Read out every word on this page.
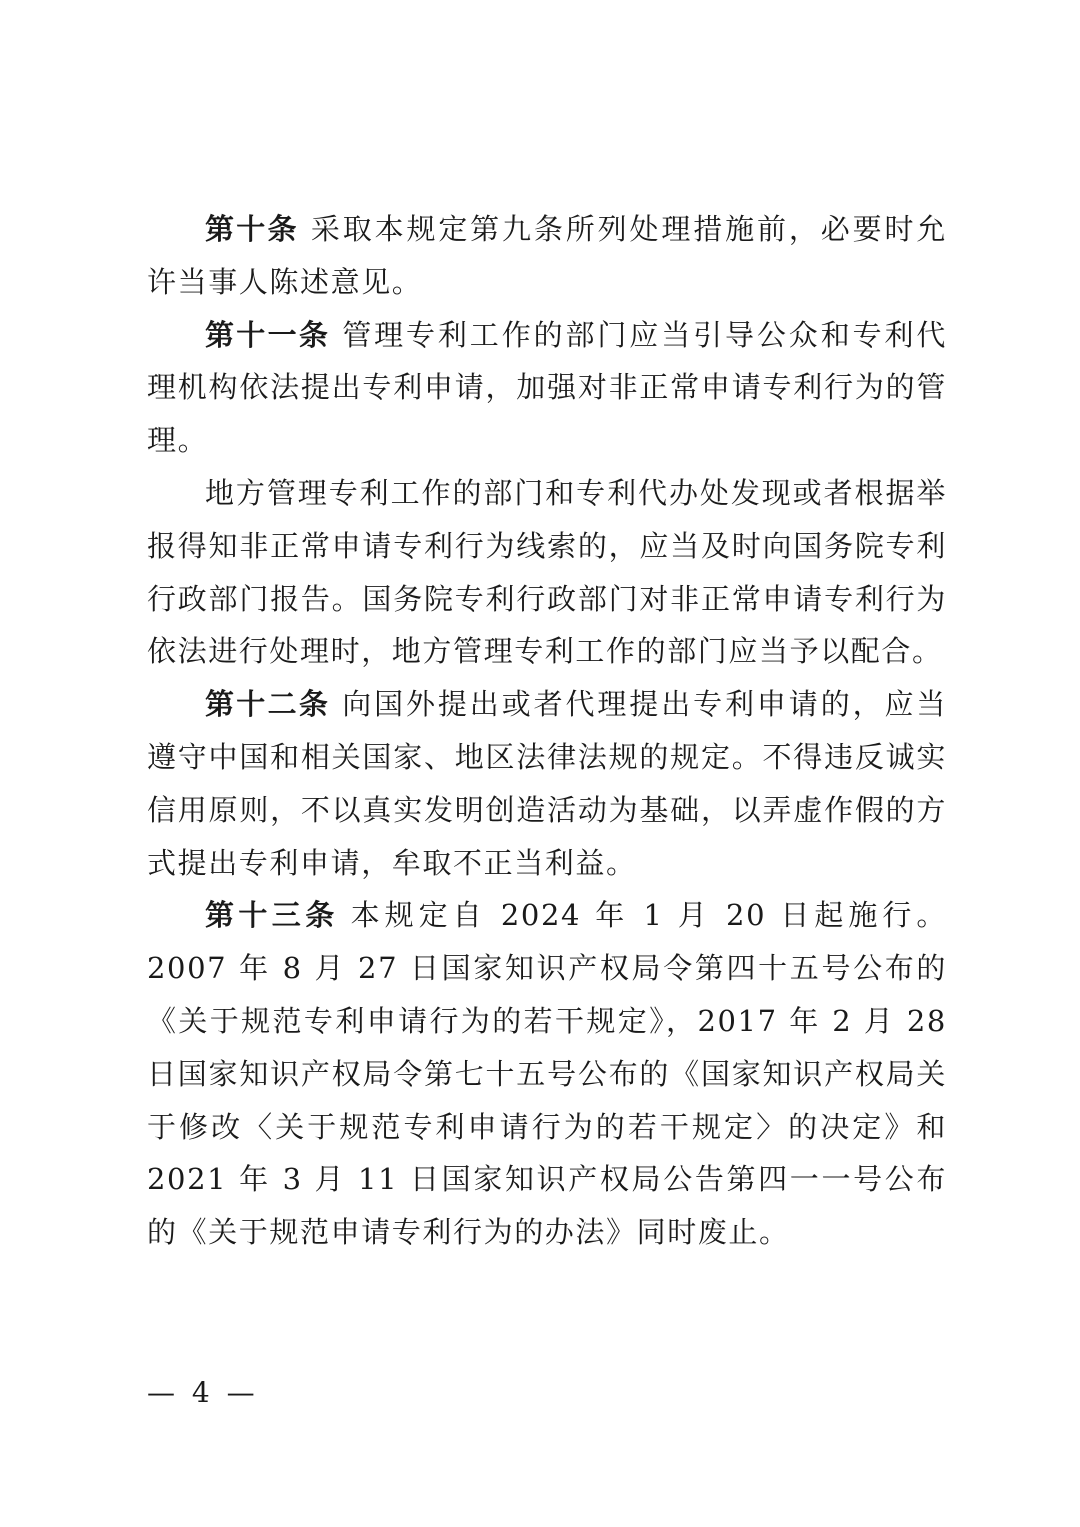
第十条 采取本规定第九条所列处理措施前，必要时允许当事人陈述意见。

第十一条 管理专利工作的部门应当引导公众和专利代理机构依法提出专利申请，加强对非正常申请专利行为的管理。

地方管理专利工作的部门和专利代办处发现或者根据举报得知非正常申请专利行为线索的，应当及时向国务院专利行政部门报告。国务院专利行政部门对非正常申请专利行为依法进行处理时，地方管理专利工作的部门应当予以配合。

第十二条 向国外提出或者代理提出专利申请的，应当遵守中国和相关国家、地区法律法规的规定。不得违反诚实信用原则，不以真实发明创造活动为基础，以弄虚作假的方式提出专利申请，牟取不正当利益。

第十三条 本规定自 2024 年 1 月 20 日起施行。2007 年 8 月 27 日国家知识产权局令第四十五号公布的《关于规范专利申请行为的若干规定》，2017 年 2 月 28 日国家知识产权局令第七十五号公布的《国家知识产权局关于修改〈关于规范专利申请行为的若干规定〉的决定》和 2021 年 3 月 11 日国家知识产权局公告第四一一号公布的《关于规范申请专利行为的办法》同时废止。

— 4 —
